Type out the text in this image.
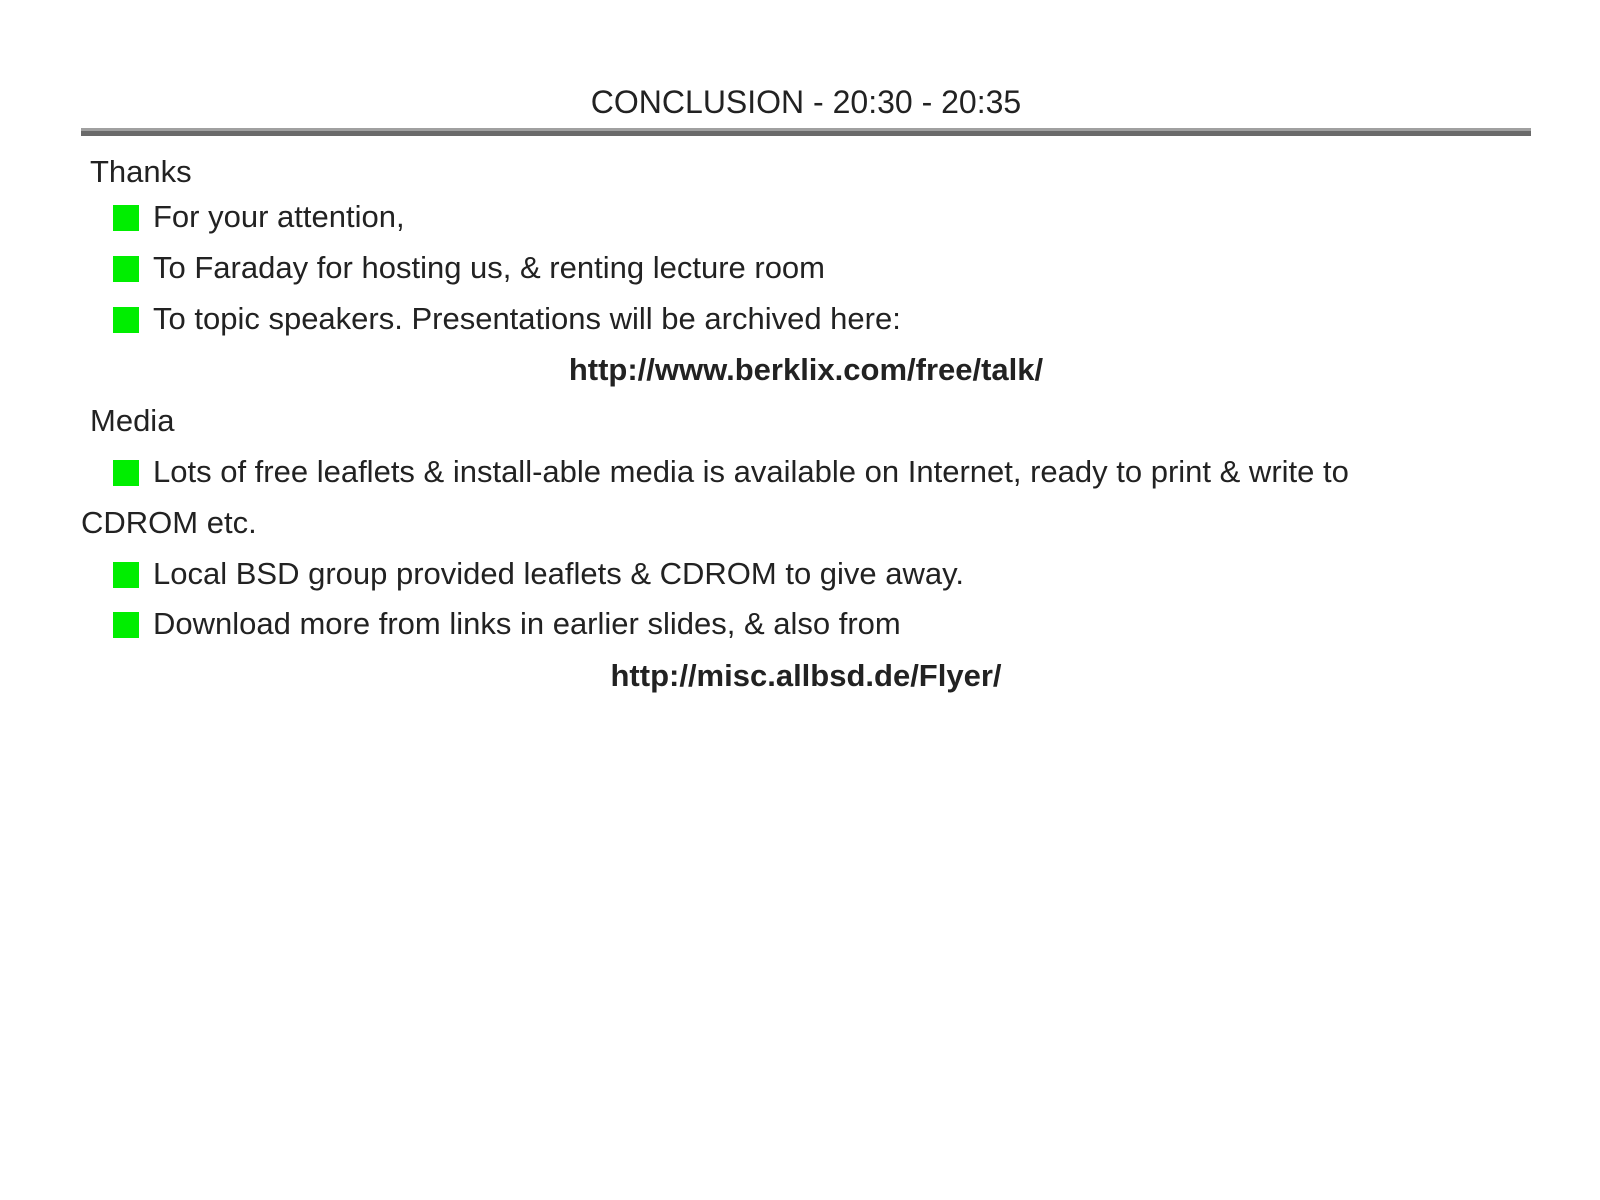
CONCLUSION - 20:30 - 20:35
Thanks
For your attention,
To Faraday for hosting us, & renting lecture room
To topic speakers. Presentations will be archived here:
http://www.berklix.com/free/talk/
Media
Lots of free leaflets & install-able media is available on Internet, ready to print & write to
CDROM etc.
Local BSD group provided leaflets & CDROM to give away.
Download more from links in earlier slides, & also from
http://misc.allbsd.de/Flyer/
